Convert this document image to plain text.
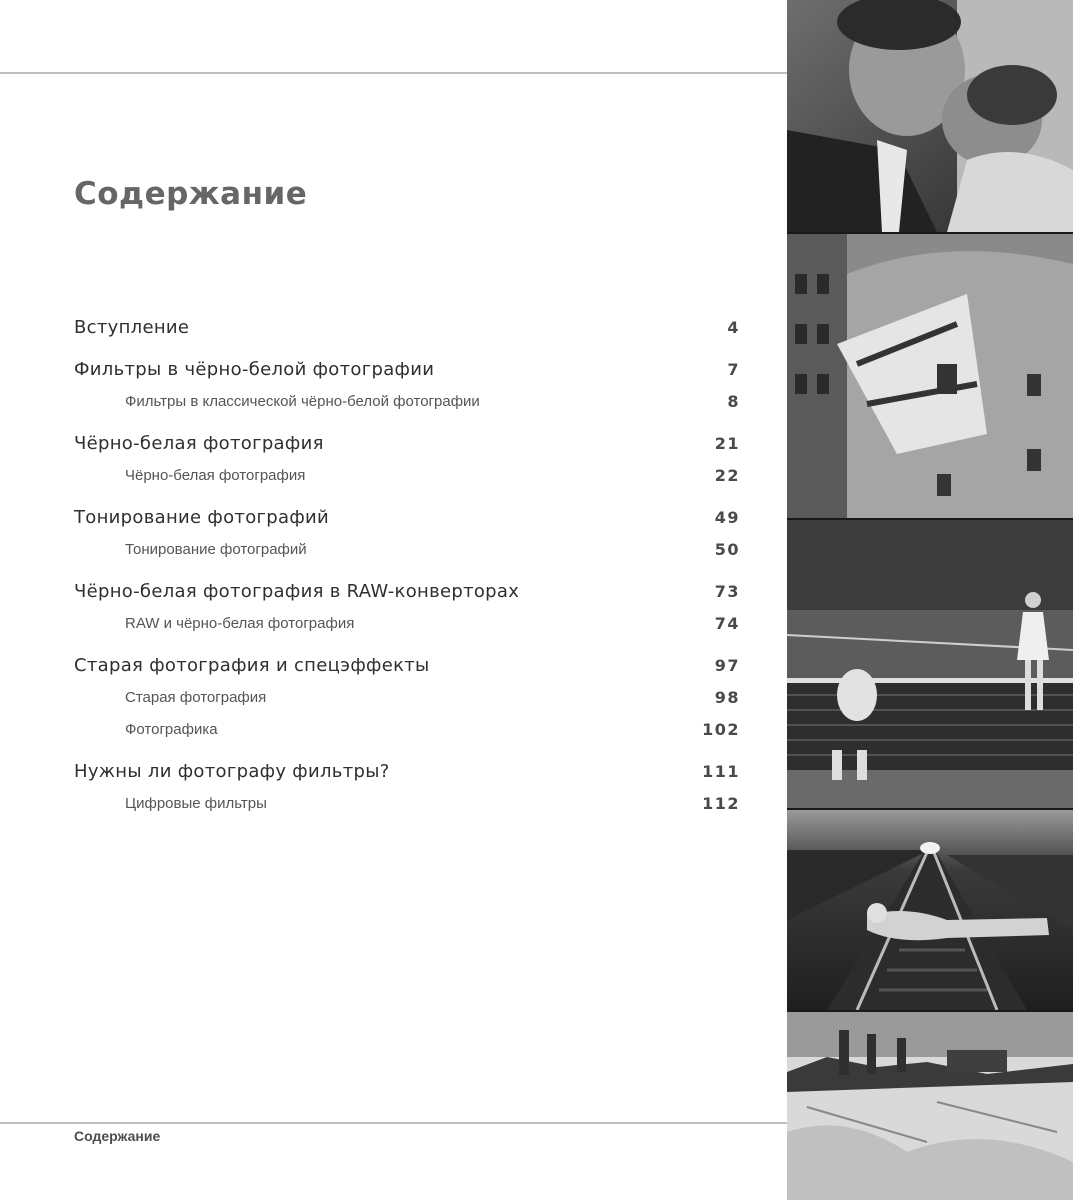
Содержание
Вступление	4
Фильтры в чёрно-белой фотографии	7
Фильтры в классической чёрно-белой фотографии	8
Чёрно-белая фотография	21
Чёрно-белая фотография	22
Тонирование фотографий	49
Тонирование фотографий	50
Чёрно-белая фотография в RAW-конверторах	73
RAW и чёрно-белая фотография	74
Старая фотография и спецэффекты	97
Старая фотография	98
Фотографика	102
Нужны ли фотографу фильтры?	111
Цифровые фильтры	112
Содержание
